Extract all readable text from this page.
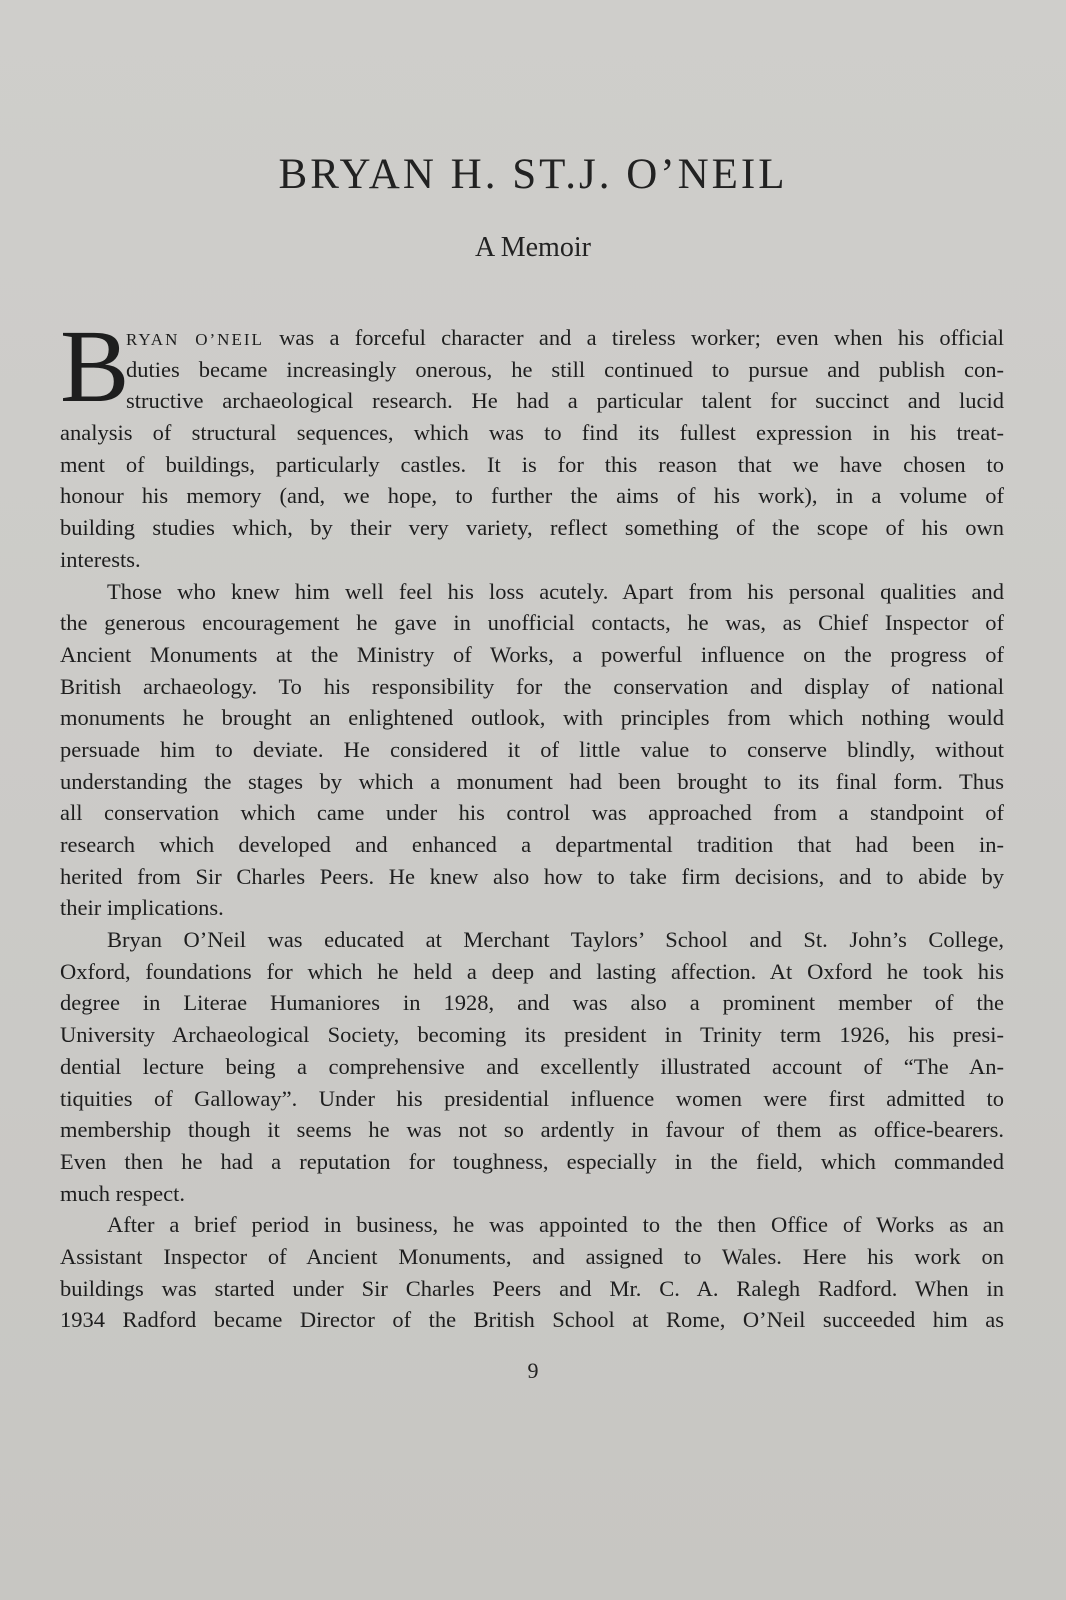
BRYAN H. ST.J. O’NEIL
A Memoir
B
RYAN O’NEIL was a forceful character and a tireless worker; even when his official
duties became increasingly onerous, he still continued to pursue and publish con-
structive archaeological research. He had a particular talent for succinct and lucid
analysis of structural sequences, which was to find its fullest expression in his treat-
ment of buildings, particularly castles. It is for this reason that we have chosen to
honour his memory (and, we hope, to further the aims of his work), in a volume of
building studies which, by their very variety, reflect something of the scope of his own
interests.
Those who knew him well feel his loss acutely. Apart from his personal qualities and
the generous encouragement he gave in unofficial contacts, he was, as Chief Inspector of
Ancient Monuments at the Ministry of Works, a powerful influence on the progress of
British archaeology. To his responsibility for the conservation and display of national
monuments he brought an enlightened outlook, with principles from which nothing would
persuade him to deviate. He considered it of little value to conserve blindly, without
understanding the stages by which a monument had been brought to its final form. Thus
all conservation which came under his control was approached from a standpoint of
research which developed and enhanced a departmental tradition that had been in-
herited from Sir Charles Peers. He knew also how to take firm decisions, and to abide by
their implications.
Bryan O’Neil was educated at Merchant Taylors’ School and St. John’s College,
Oxford, foundations for which he held a deep and lasting affection. At Oxford he took his
degree in Literae Humaniores in 1928, and was also a prominent member of the
University Archaeological Society, becoming its president in Trinity term 1926, his presi-
dential lecture being a comprehensive and excellently illustrated account of “The An-
tiquities of Galloway”. Under his presidential influence women were first admitted to
membership though it seems he was not so ardently in favour of them as office-bearers.
Even then he had a reputation for toughness, especially in the field, which commanded
much respect.
After a brief period in business, he was appointed to the then Office of Works as an
Assistant Inspector of Ancient Monuments, and assigned to Wales. Here his work on
buildings was started under Sir Charles Peers and Mr. C. A. Ralegh Radford. When in
1934 Radford became Director of the British School at Rome, O’Neil succeeded him as
9
